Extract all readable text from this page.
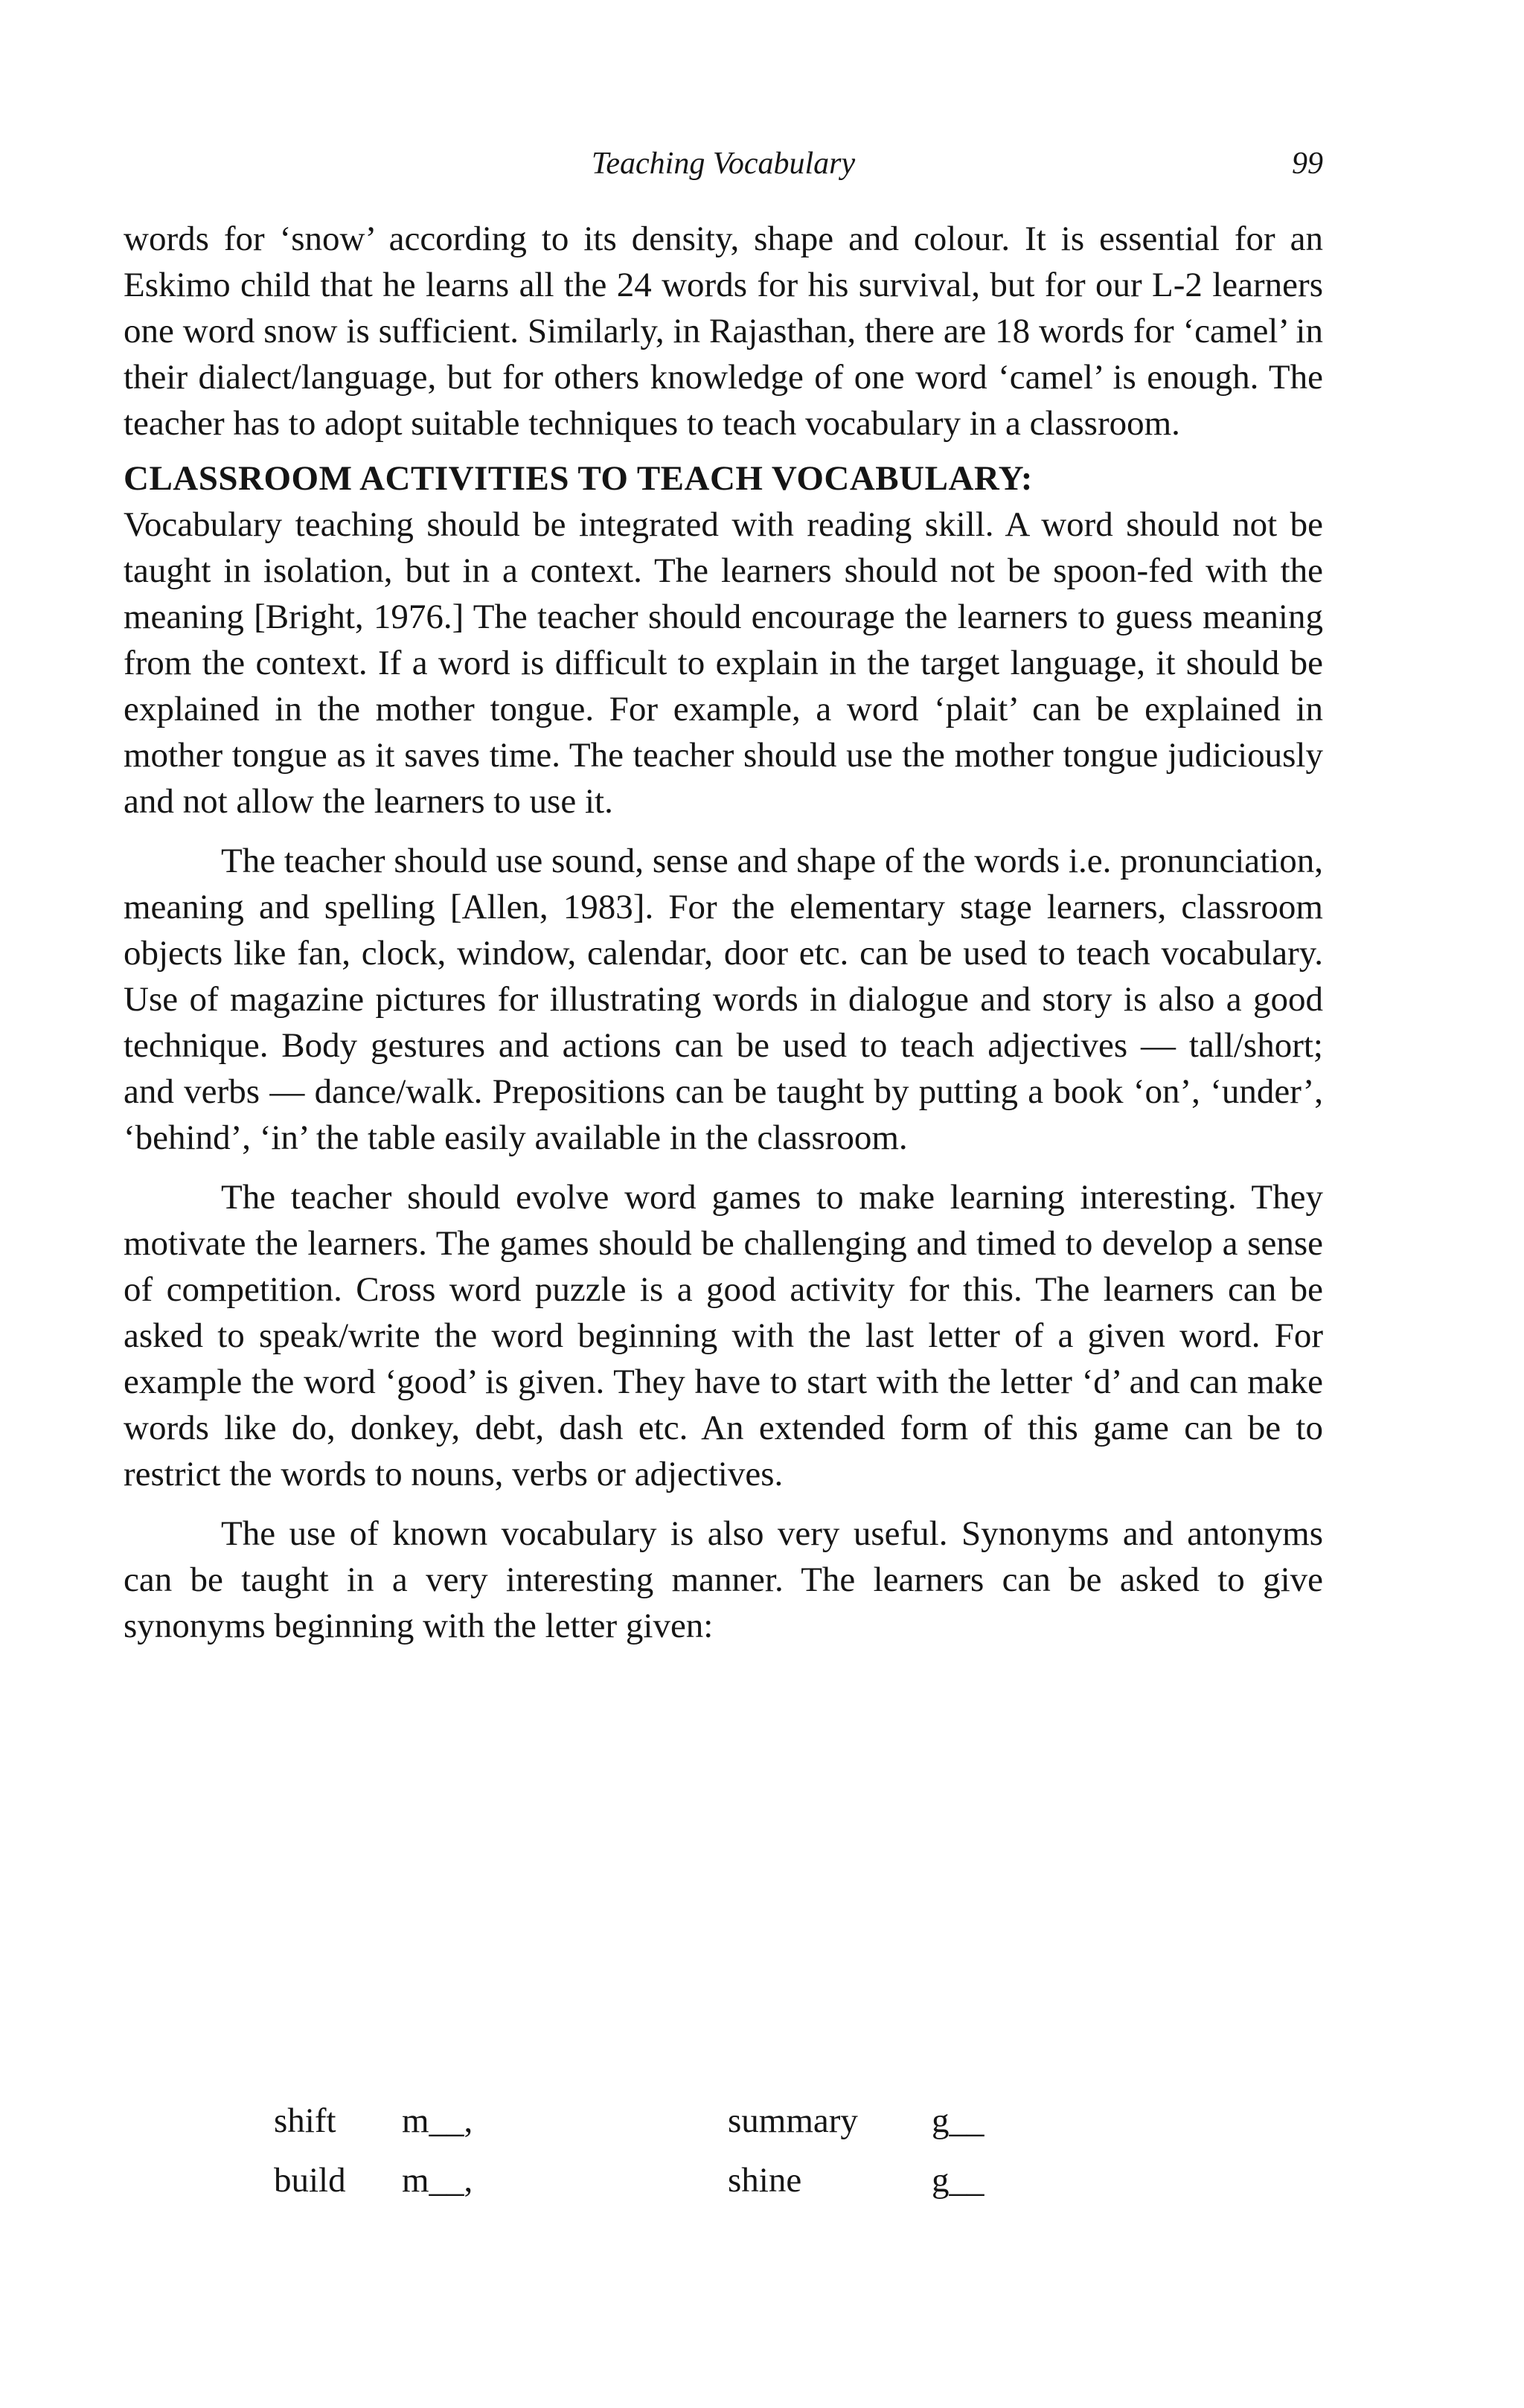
Teaching Vocabulary	99

words for ‘snow’ according to its density, shape and colour. It is essential for an Eskimo child that he learns all the 24 words for his survival, but for our L-2 learners one word snow is sufficient. Similarly, in Rajasthan, there are 18 words for ‘camel’ in their dialect/language, but for others knowledge of one word ‘camel’ is enough. The teacher has to adopt suitable techniques to teach vocabulary in a classroom.

CLASSROOM ACTIVITIES TO TEACH VOCABULARY:

Vocabulary teaching should be integrated with reading skill. A word should not be taught in isolation, but in a context. The learners should not be spoon-fed with the meaning [Bright, 1976.] The teacher should encourage the learners to guess meaning from the context. If a word is difficult to explain in the target language, it should be explained in the mother tongue. For example, a word ‘plait’ can be explained in mother tongue as it saves time. The teacher should use the mother tongue judiciously and not allow the learners to use it.

The teacher should use sound, sense and shape of the words i.e. pronunciation, meaning and spelling [Allen, 1983]. For the elementary stage learners, classroom objects like fan, clock, window, calendar, door etc. can be used to teach vocabulary. Use of magazine pictures for illustrating words in dialogue and story is also a good technique. Body gestures and actions can be used to teach adjectives — tall/short; and verbs — dance/walk. Prepositions can be taught by putting a book ‘on’, ‘under’, ‘behind’, ‘in’ the table easily available in the classroom.

The teacher should evolve word games to make learning interesting. They motivate the learners. The games should be challenging and timed to develop a sense of competition. Cross word puzzle is a good activity for this. The learners can be asked to speak/write the word beginning with the last letter of a given word. For example the word ‘good’ is given. They have to start with the letter ‘d’ and can make words like do, donkey, debt, dash etc. An extended form of this game can be to restrict the words to nouns, verbs or adjectives.

The use of known vocabulary is also very useful. Synonyms and antonyms can be taught in a very interesting manner. The learners can be asked to give synonyms beginning with the letter given:

shift m__,	summary g__
build m__,	shine	g__
